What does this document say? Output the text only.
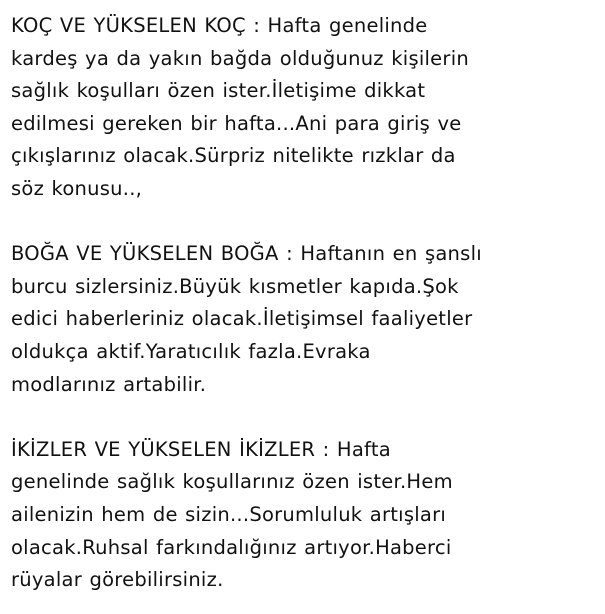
KOÇ VE YÜKSELEN KOÇ : Hafta genelinde
kardeş ya da yakın bağda olduğunuz kişilerin
sağlık koşulları özen ister.İletişime dikkat
edilmesi gereken bir hafta...Ani para giriş ve
çıkışlarınız olacak.Sürpriz nitelikte rızklar da
söz konusu..,

BOĞA VE YÜKSELEN BOĞA : Haftanın en şanslı
burcu sizlersiniz.Büyük kısmetler kapıda.Şok
edici haberleriniz olacak.İletişimsel faaliyetler
oldukça aktif.Yaratıcılık fazla.Evraka
modlarınız artabilir.

İKİZLER VE YÜKSELEN İKİZLER : Hafta
genelinde sağlık koşullarınız özen ister.Hem
ailenizin hem de sizin...Sorumluluk artışları
olacak.Ruhsal farkındalığınız artıyor.Haberci
rüyalar görebilirsiniz.
